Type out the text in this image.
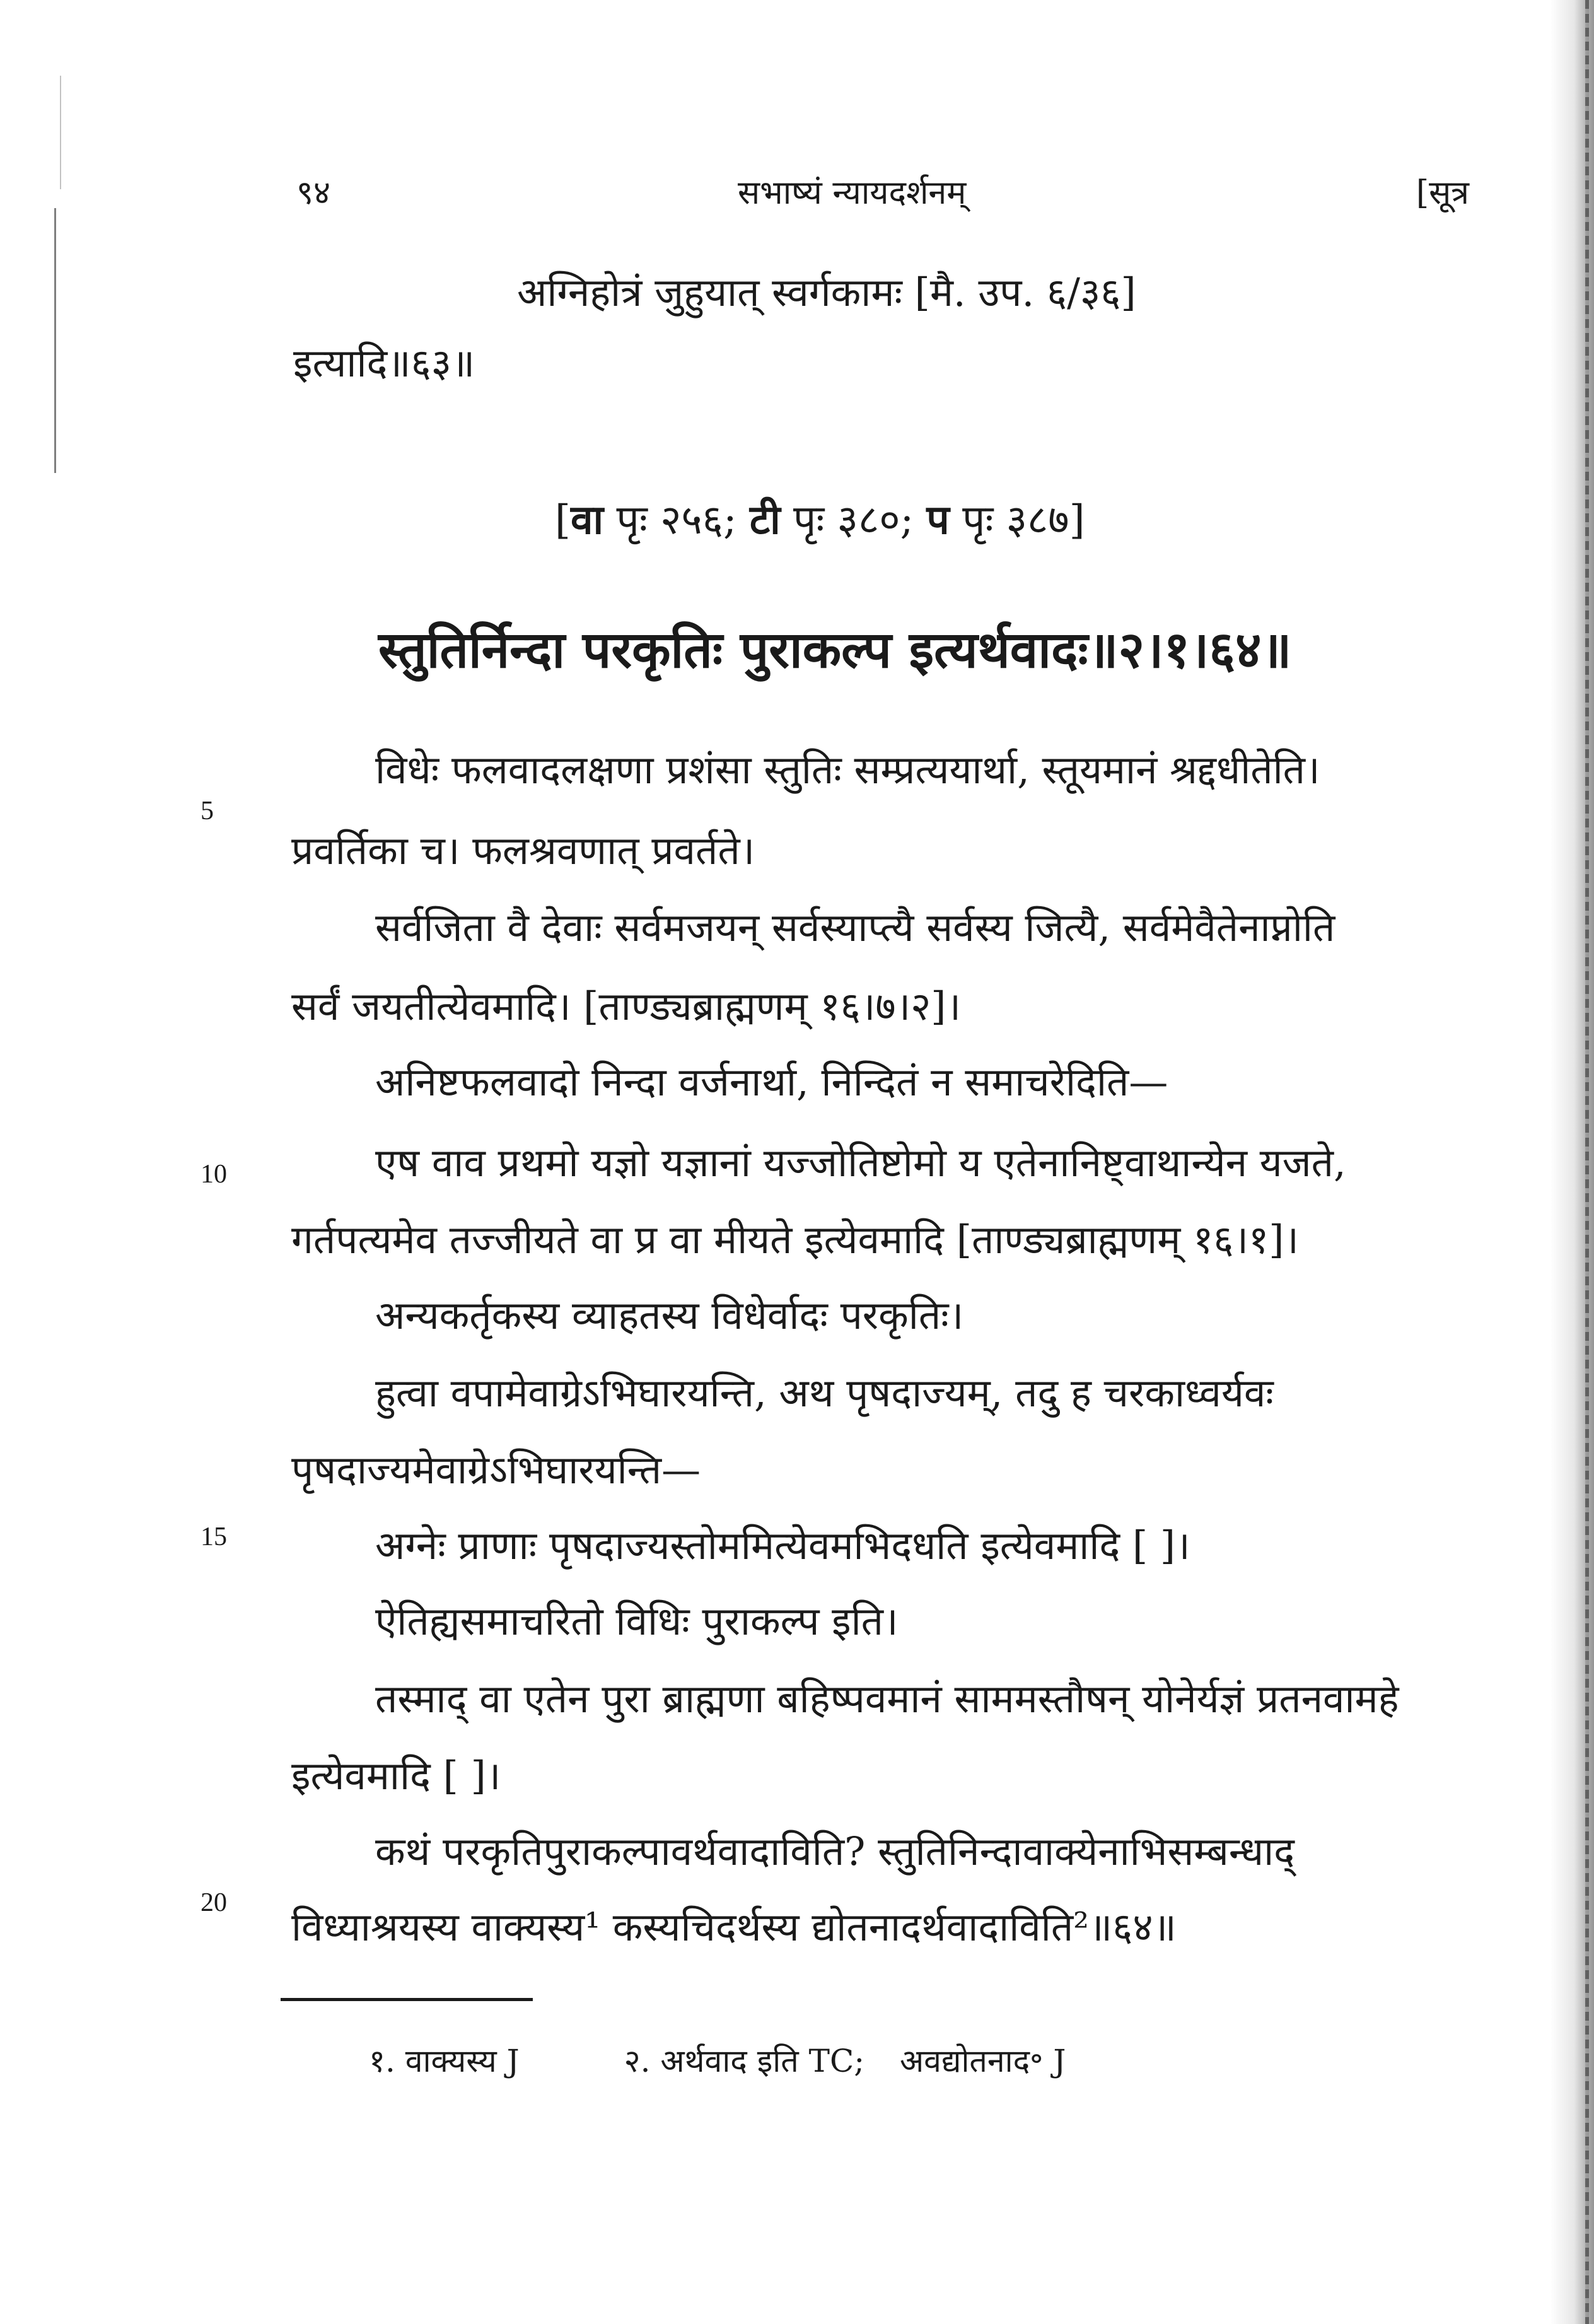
९४	सभाष्यं न्यायदर्शनम्	[सूत्र
अग्निहोत्रं जुहुयात् स्वर्गकामः [मै. उप. ६/३६]
इत्यादि॥६३॥
[वा पृः २५६; टी पृः ३८०; प पृः ३८७]
स्तुतिर्निन्दा परकृतिः पुराकल्प इत्यर्थवादः॥२।१।६४॥
विधेः फलवादलक्षणा प्रशंसा स्तुतिः सम्प्रत्ययार्था, स्तूयमानं श्रद्दधीतेति।
प्रवर्तिका च। फलश्रवणात् प्रवर्तते।
सर्वजिता वै देवाः सर्वमजयन् सर्वस्याप्त्यै सर्वस्य जित्यै, सर्वमेवैतेनाप्नोति
सर्वं जयतीत्येवमादि। [ताण्ड्यब्राह्मणम् १६।७।२]।
अनिष्टफलवादो निन्दा वर्जनार्था, निन्दितं न समाचरेदिति—
एष वाव प्रथमो यज्ञो यज्ञानां यज्जोतिष्टोमो य एतेनानिष्ट्वाथान्येन यजते,
गर्तपत्यमेव तज्जीयते वा प्र वा मीयते इत्येवमादि [ताण्ड्यब्राह्मणम् १६।१]।
अन्यकर्तृकस्य व्याहतस्य विधेर्वादः परकृतिः।
हुत्वा वपामेवाग्रेऽभिघारयन्ति, अथ पृषदाज्यम्, तदु ह चरकाध्वर्यवः
पृषदाज्यमेवाग्रेऽभिघारयन्ति—
अग्नेः प्राणाः पृषदाज्यस्तोममित्येवमभिदधति इत्येवमादि [ ]।
ऐतिह्यसमाचरितो विधिः पुराकल्प इति।
तस्माद् वा एतेन पुरा ब्राह्मणा बहिष्पवमानं साममस्तौषन् योनेर्यज्ञं प्रतनवामहे
इत्येवमादि [ ]।
कथं परकृतिपुराकल्पावर्थवादाविति? स्तुतिनिन्दावाक्येनाभिसम्बन्धाद्
विध्याश्रयस्य वाक्यस्य¹ कस्यचिदर्थस्य द्योतनादर्थवादाविति²॥६४॥
5
10
15
20
१. वाक्यस्य J	२. अर्थवाद इति TC; अवद्योतनाद॰ J
